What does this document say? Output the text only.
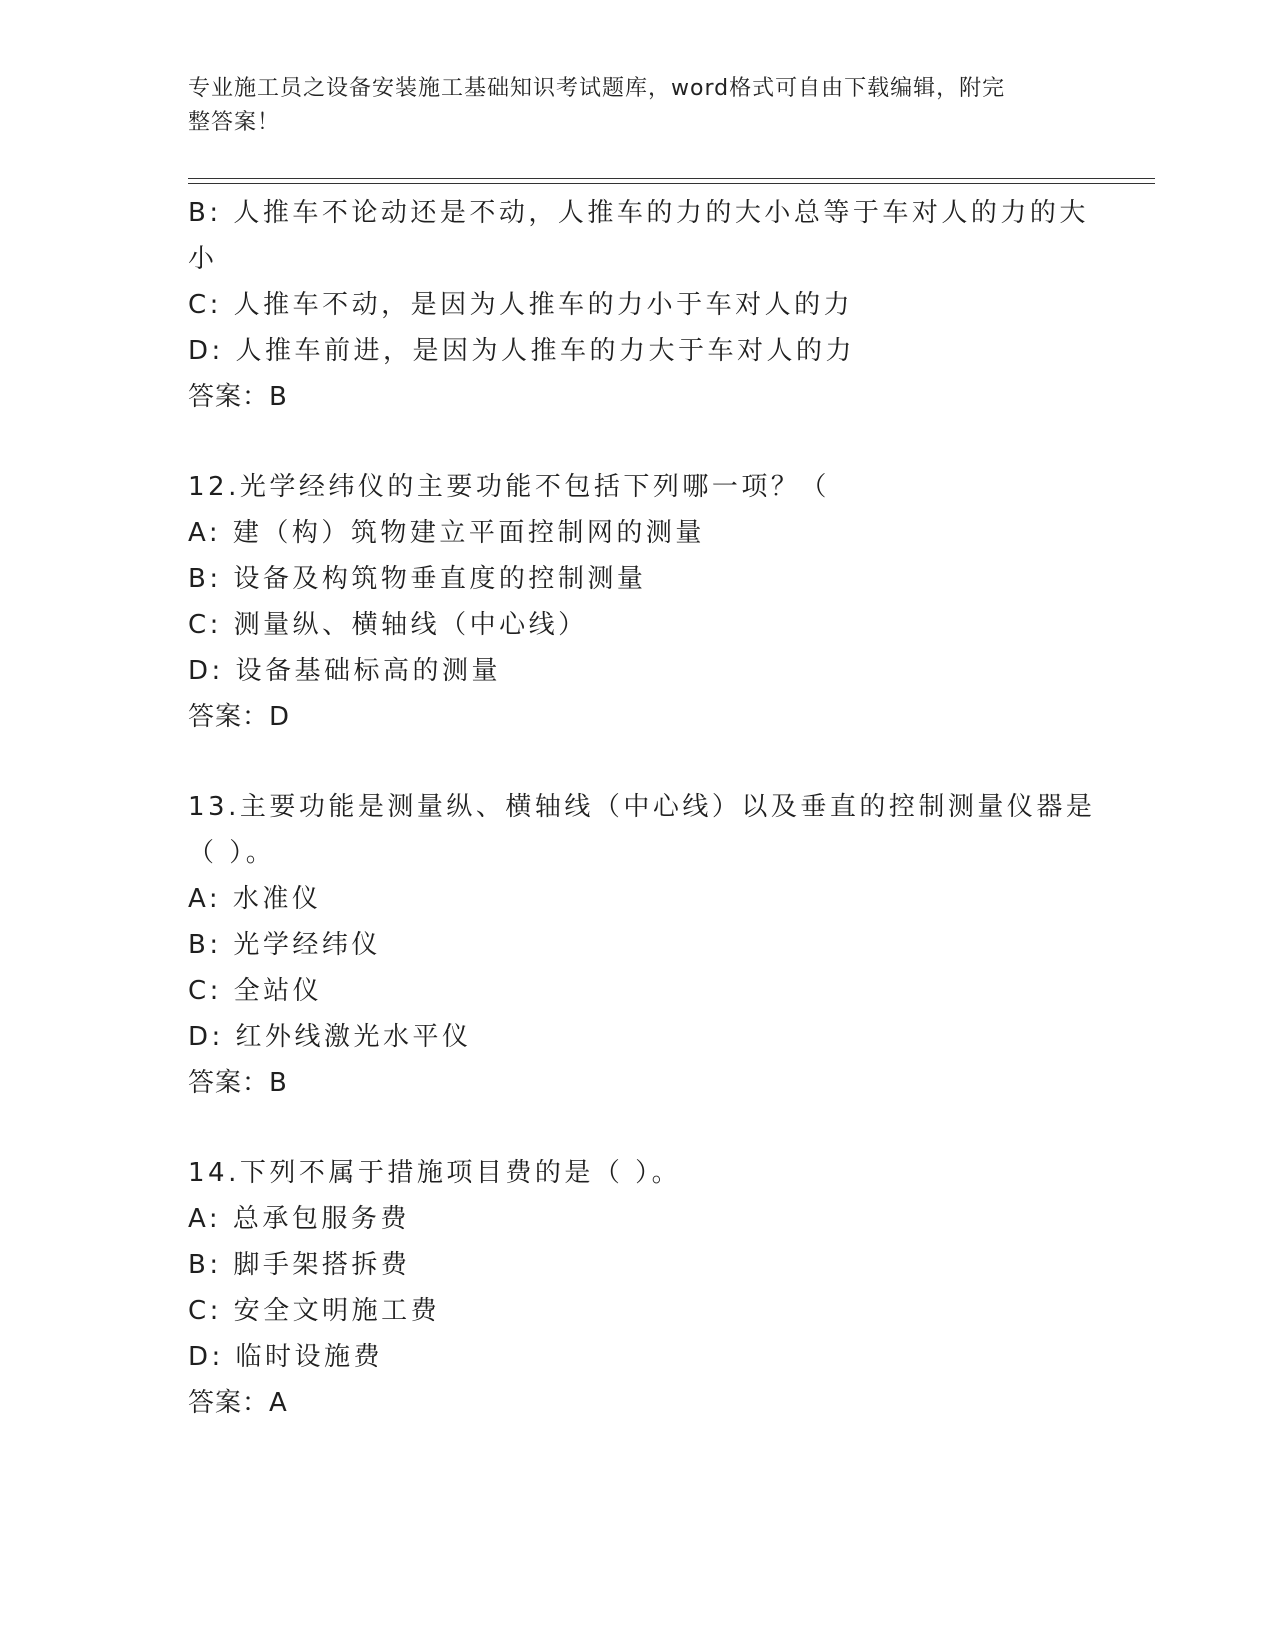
专业施工员之设备安装施工基础知识考试题库，word格式可自由下载编辑，附完
整答案！
B: 人推车不论动还是不动，人推车的力的大小总等于车对人的力的大
小
C: 人推车不动，是因为人推车的力小于车对人的力
D: 人推车前进，是因为人推车的力大于车对人的力
答案：B
12.光学经纬仪的主要功能不包括下列哪一项？（
A: 建（构）筑物建立平面控制网的测量
B: 设备及构筑物垂直度的控制测量
C: 测量纵、横轴线（中心线）
D: 设备基础标高的测量
答案：D
13.主要功能是测量纵、横轴线（中心线）以及垂直的控制测量仪器是
（ ）。
A: 水准仪
B: 光学经纬仪
C: 全站仪
D: 红外线激光水平仪
答案：B
14.下列不属于措施项目费的是（ ）。
A: 总承包服务费
B: 脚手架搭拆费
C: 安全文明施工费
D: 临时设施费
答案：A
